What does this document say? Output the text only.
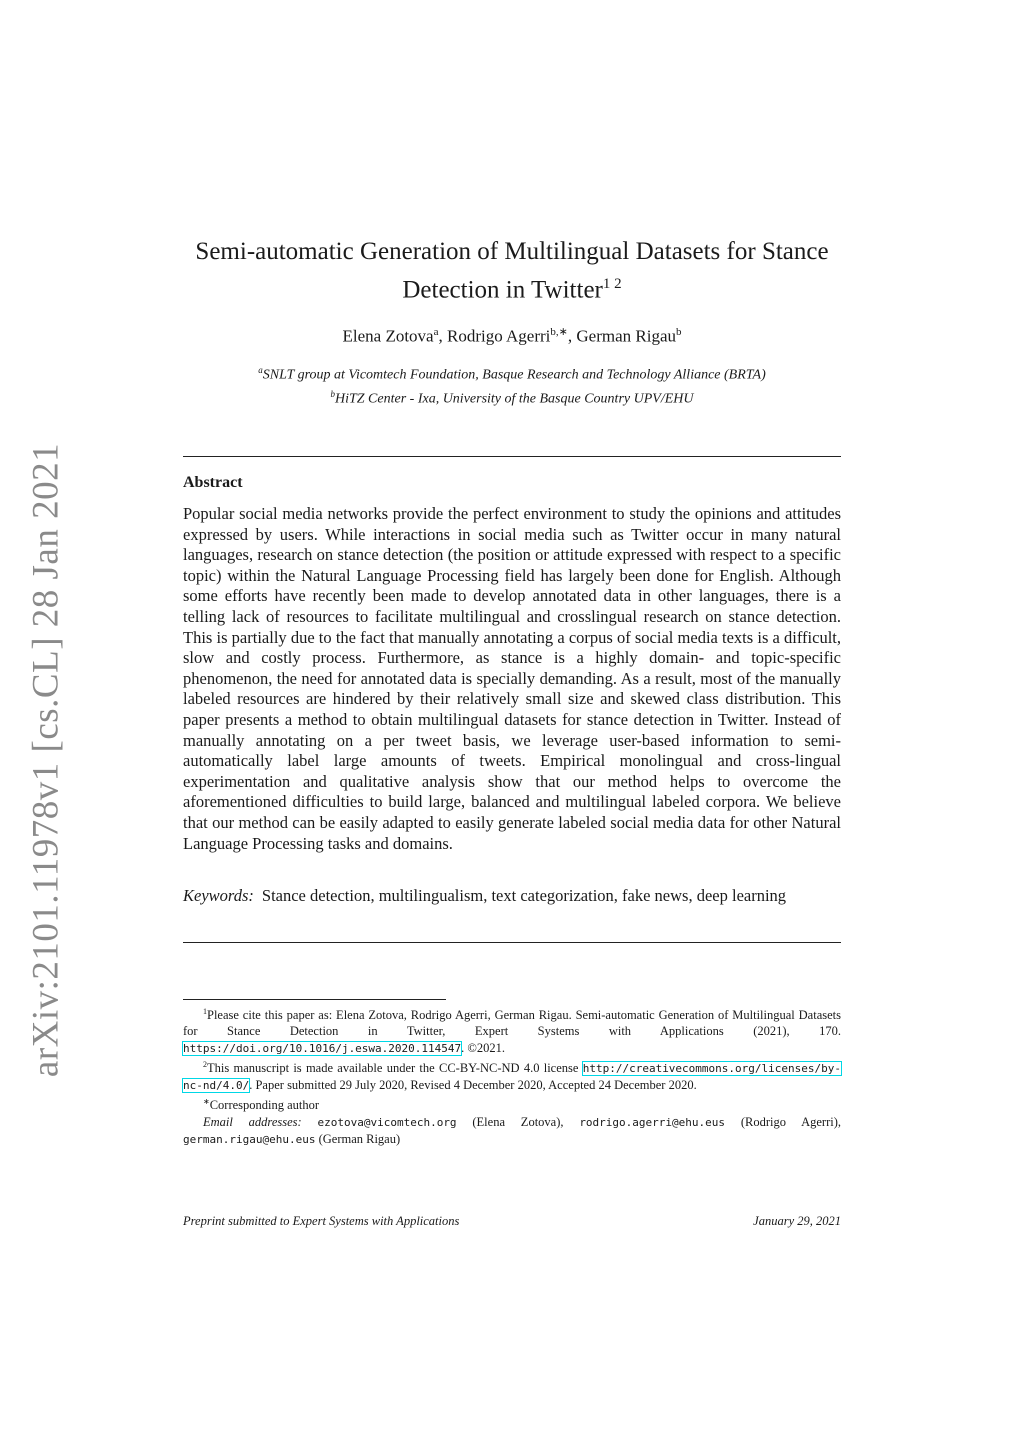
arXiv:2101.11978v1 [cs.CL] 28 Jan 2021
Semi-automatic Generation of Multilingual Datasets for Stance
Detection in Twitter$^{1 2}$
Elena Zotova$^a$, Rodrigo Agerri$^{b,∗}$, German Rigau$^b$
$^a$SNLT group at Vicomtech Foundation, Basque Research and Technology Alliance (BRTA)
$^b$HiTZ Center - Ixa, University of the Basque Country UPV/EHU
Abstract
Popular social media networks provide the perfect environment to study the opinions and attitudes expressed by users. While interactions in social media such as Twitter occur in many natural languages, research on stance detection (the position or attitude expressed with respect to a specific topic) within the Natural Language Processing field has largely been done for English. Although some efforts have recently been made to develop annotated data in other languages, there is a telling lack of resources to facilitate multilingual and crosslingual research on stance detection. This is partially due to the fact that manually annotating a corpus of social media texts is a difficult, slow and costly process. Furthermore, as stance is a highly domain- and topic-specific phenomenon, the need for annotated data is specially demanding. As a result, most of the manually labeled resources are hindered by their relatively small size and skewed class distribution. This paper presents a method to obtain multilingual datasets for stance detection in Twitter. Instead of manually annotating on a per tweet basis, we leverage user-based information to semi-automatically label large amounts of tweets. Empirical monolingual and cross-lingual experimentation and qualitative analysis show that our method helps to overcome the aforementioned difficulties to build large, balanced and multilingual labeled corpora. We believe that our method can be easily adapted to easily generate labeled social media data for other Natural Language Processing tasks and domains.
Keywords: Stance detection, multilingualism, text categorization, fake news, deep learning

$^1$Please cite this paper as: Elena Zotova, Rodrigo Agerri, German Rigau. Semi-automatic Generation of Multilingual Datasets for Stance Detection in Twitter, Expert Systems with Applications (2021), 170. https://doi.org/10.1016/j.eswa.2020.114547. ©2021.

$^2$This manuscript is made available under the CC-BY-NC-ND 4.0 license http://creativecommons.org/licenses/by-nc-nd/4.0/. Paper submitted 29 July 2020, Revised 4 December 2020, Accepted 24 December 2020.

∗Corresponding author

Email addresses: ezotova@vicomtech.org (Elena Zotova), rodrigo.agerri@ehu.eus (Rodrigo Agerri), german.rigau@ehu.eus (German Rigau)

Preprint submitted to Expert Systems with Applications	January 29, 2021
